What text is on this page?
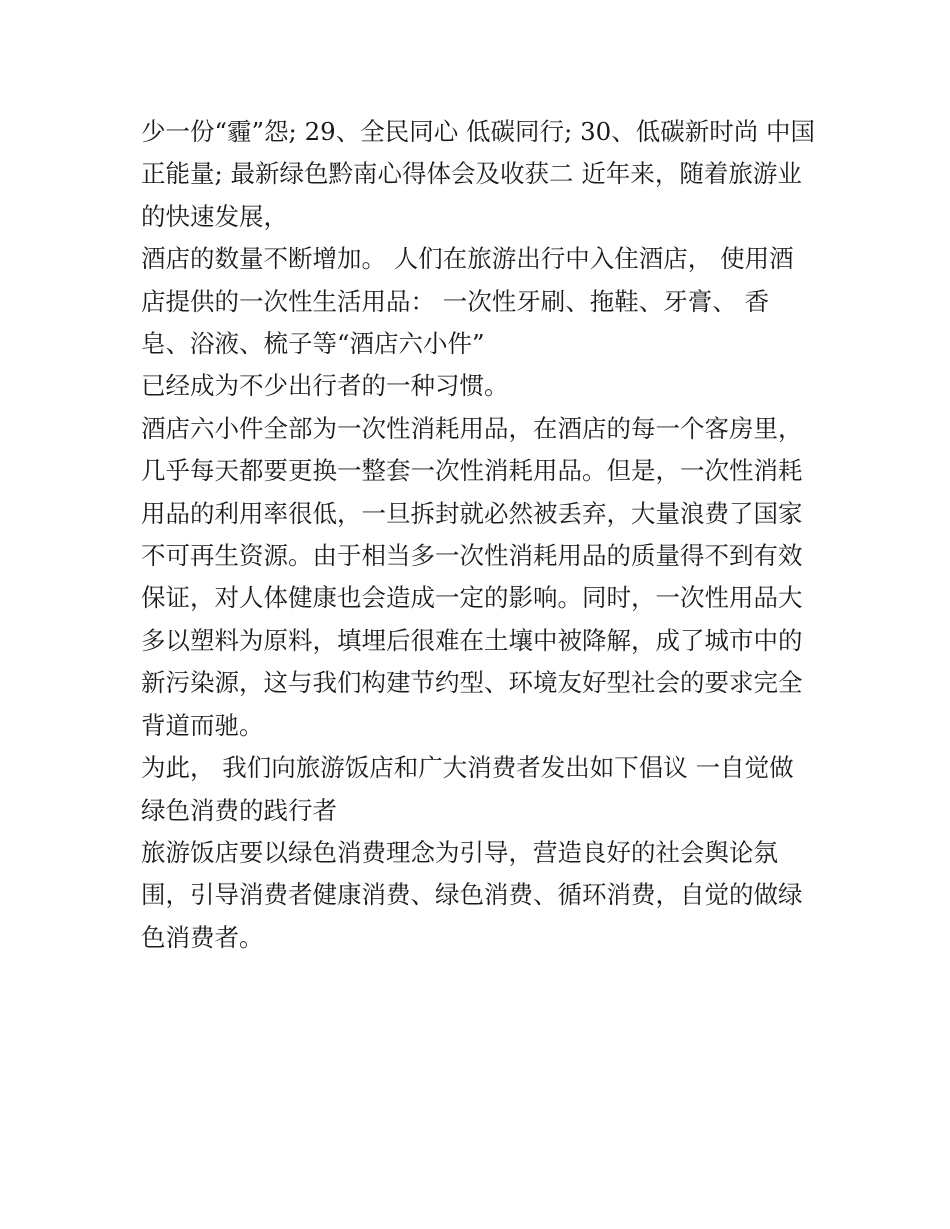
少一份“霾”怨; 29、全民同心 低碳同行; 30、低碳新时尚 中国
正能量; 最新绿色黔南心得体会及收获二 近年来，随着旅游业
的快速发展，

酒店的数量不断增加。 人们在旅游出行中入住酒店， 使用酒
店提供的一次性生活用品： 一次性牙刷、拖鞋、牙膏、 香
皂、浴液、梳子等“酒店六小件”

已经成为不少出行者的一种习惯。

酒店六小件全部为一次性消耗用品，在酒店的每一个客房里，
几乎每天都要更换一整套一次性消耗用品。但是，一次性消耗
用品的利用率很低，一旦拆封就必然被丢弃，大量浪费了国家
不可再生资源。由于相当多一次性消耗用品的质量得不到有效
保证，对人体健康也会造成一定的影响。同时，一次性用品大
多以塑料为原料，填埋后很难在土壤中被降解，成了城市中的
新污染源，这与我们构建节约型、环境友好型社会的要求完全
背道而驰。

为此， 我们向旅游饭店和广大消费者发出如下倡议 一自觉做
绿色消费的践行者

旅游饭店要以绿色消费理念为引导，营造良好的社会舆论氛
围，引导消费者健康消费、绿色消费、循环消费，自觉的做绿
色消费者。
